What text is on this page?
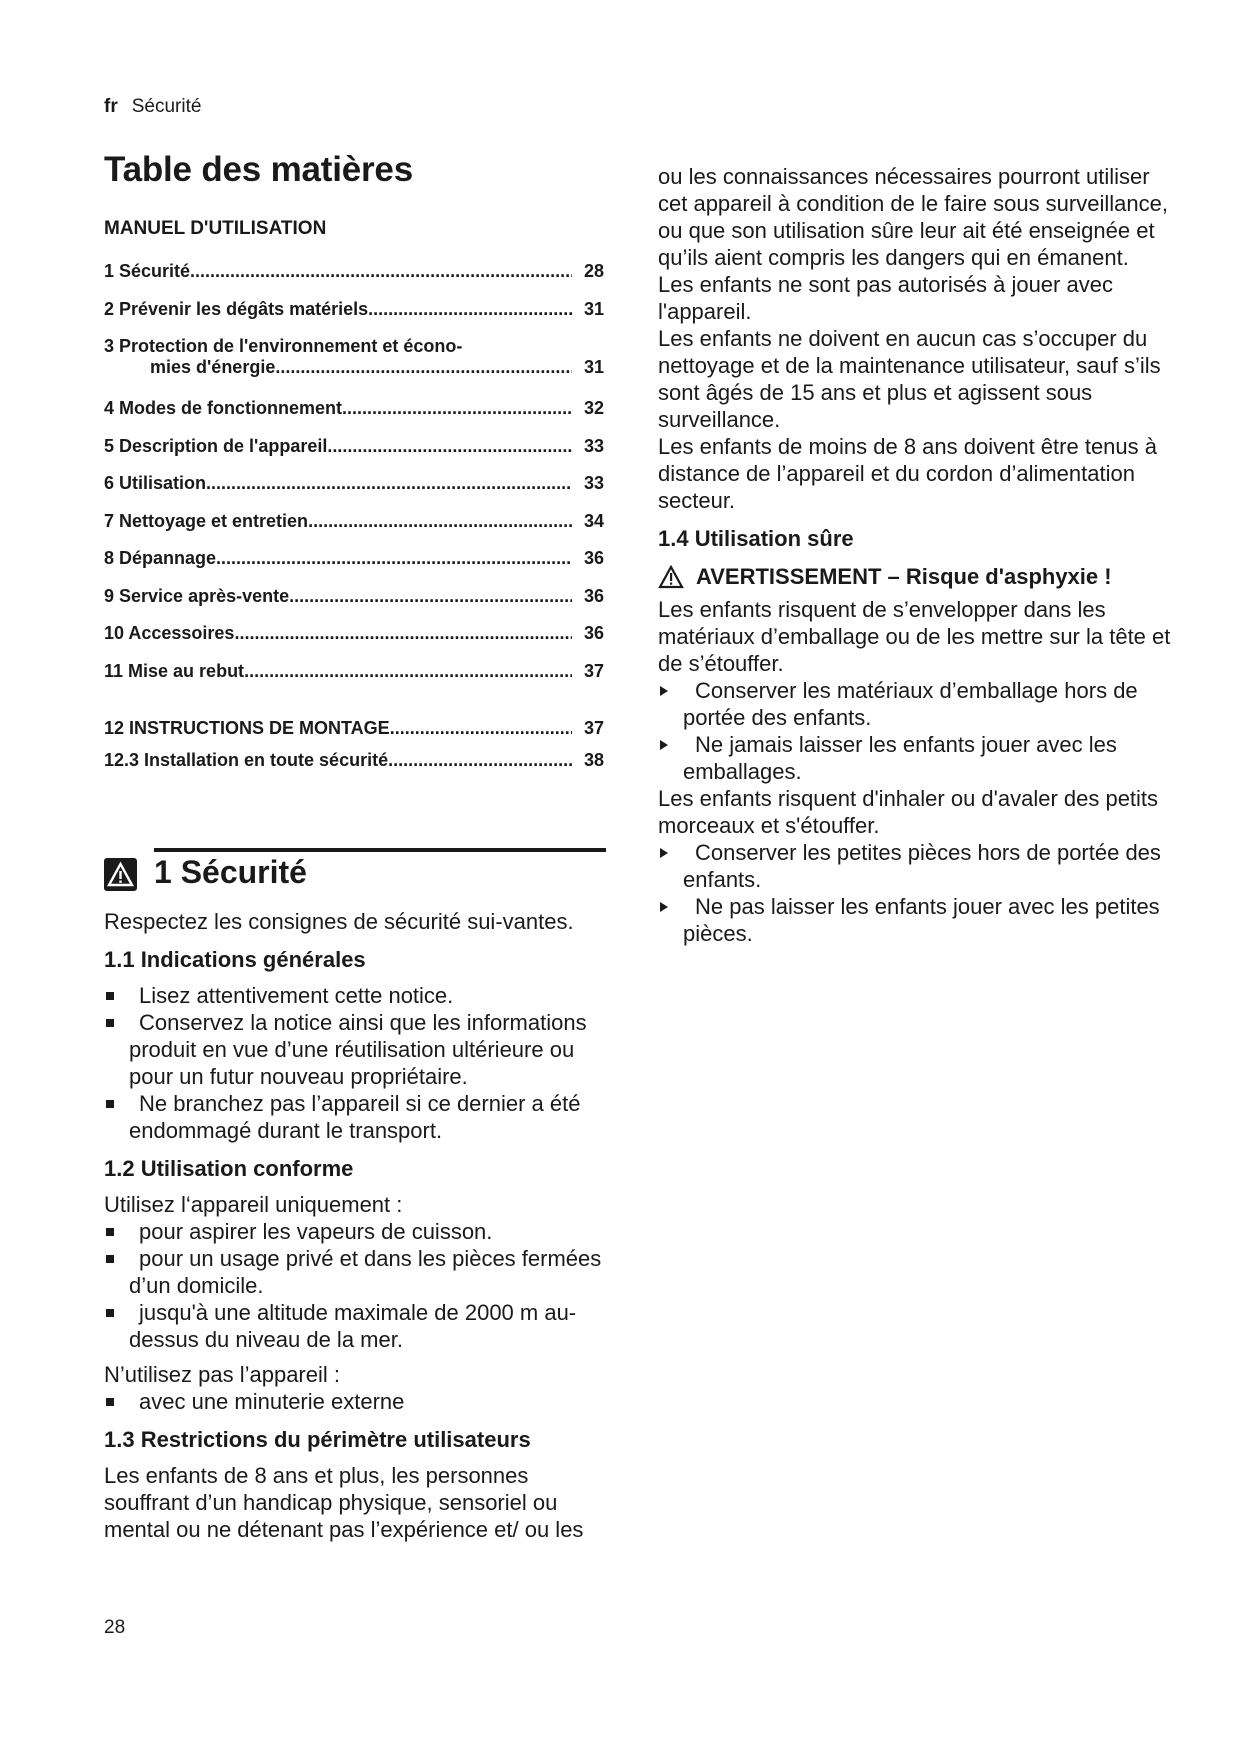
fr Sécurité
Table des matières
MANUEL D'UTILISATION
1 Sécurité .....	28
2 Prévenir les dégâts matériels .....	31
3 Protection de l'environnement et écono-
mies d'énergie .....	31
4 Modes de fonctionnement .....	32
5 Description de l'appareil .....	33
6 Utilisation .....	33
7 Nettoyage et entretien .....	34
8 Dépannage .....	36
9 Service après-vente .....	36
10 Accessoires .....	36
11 Mise au rebut .....	37
12 INSTRUCTIONS DE MONTAGE .....	37
12.3 Installation en toute sécurité .....	38
1 Sécurité

Respectez les consignes de sécurité sui-vantes.

1.1 Indications générales
Lisez attentivement cette notice.
Conservez la notice ainsi que les informations produit en vue d’une réutilisation ultérieure ou pour un futur nouveau propriétaire.
Ne branchez pas l’appareil si ce dernier a été endommagé durant le transport.
1.2 Utilisation conforme

Utilisez l‘appareil uniquement :

pour aspirer les vapeurs de cuisson.
pour un usage privé et dans les pièces fermées d’un domicile.
jusqu'à une altitude maximale de 2000 m au-dessus du niveau de la mer.

N’utilisez pas l’appareil :

avec une minuterie externe
1.3 Restrictions du périmètre utilisateurs

Les enfants de 8 ans et plus, les personnes souffrant d’un handicap physique, sensoriel ou mental ou ne détenant pas l’expérience et/ ou les

ou les connaissances nécessaires pourront utiliser cet appareil à condition de le faire sous surveillance, ou que son utilisation sûre leur ait été enseignée et qu’ils aient compris les dangers qui en émanent.

Les enfants ne sont pas autorisés à jouer avec l'appareil.

Les enfants ne doivent en aucun cas s’occuper du nettoyage et de la maintenance utilisateur, sauf s’ils sont âgés de 15 ans et plus et agissent sous surveillance.

Les enfants de moins de 8 ans doivent être tenus à distance de l’appareil et du cordon d’alimentation secteur.

1.4 Utilisation sûre
AVERTISSEMENT – Risque d'asphyxie !

Les enfants risquent de s’envelopper dans les matériaux d’emballage ou de les mettre sur la tête et de s’étouffer.

Conserver les matériaux d’emballage hors de portée des enfants.
Ne jamais laisser les enfants jouer avec les emballages.

Les enfants risquent d'inhaler ou d'avaler des petits morceaux et s'étouffer.

Conserver les petites pièces hors de portée des enfants.
Ne pas laisser les enfants jouer avec les petites pièces.
28
